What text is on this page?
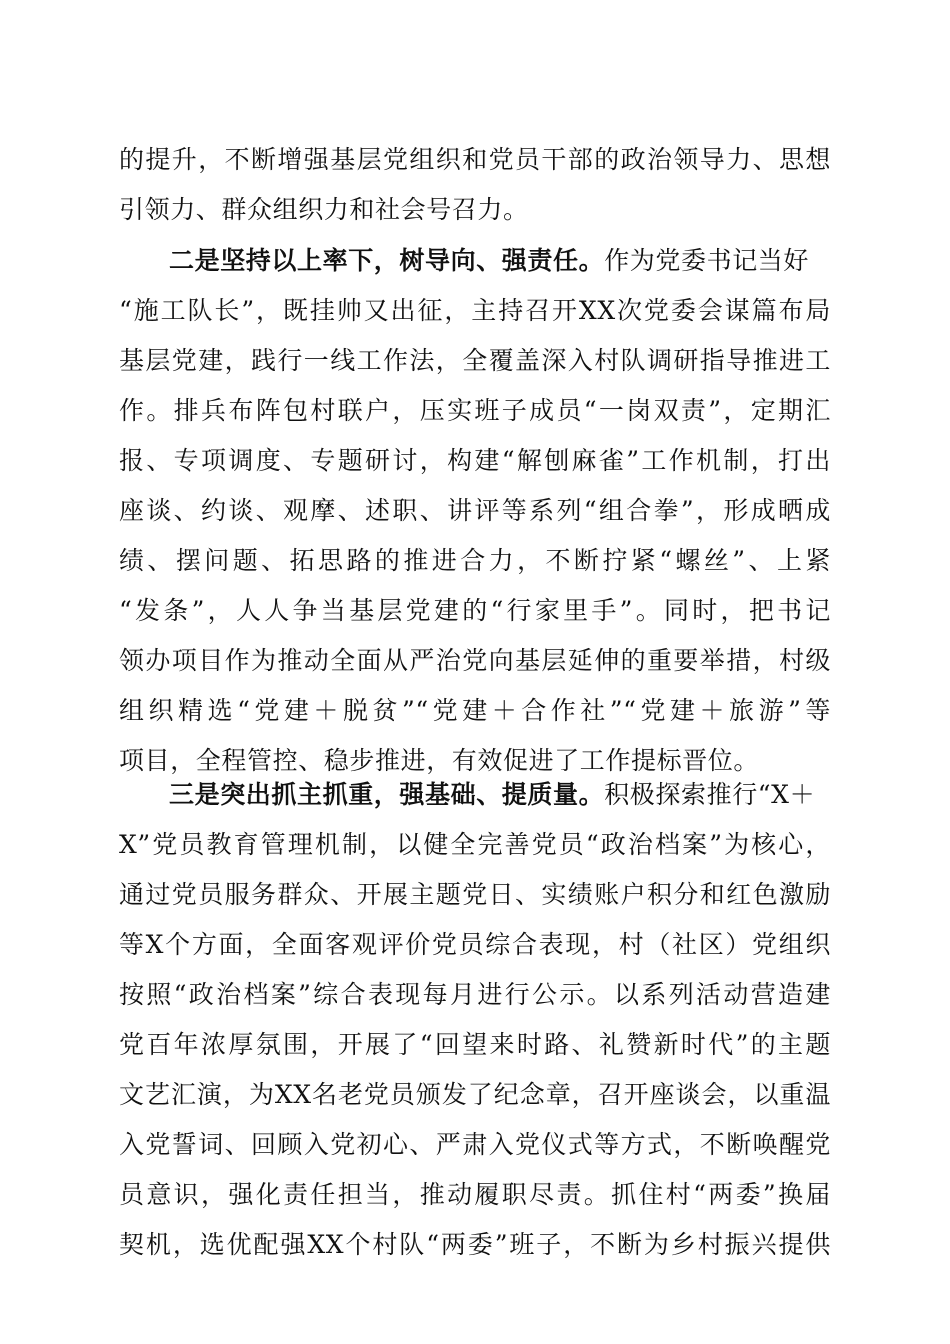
的提升，不断增强基层党组织和党员干部的政治领导力、思想
引领力、群众组织力和社会号召力。
二是坚持以上率下，树导向、强责任。作为党委书记当好
“施工队长”，既挂帅又出征，主持召开XX次党委会谋篇布局
基层党建，践行一线工作法，全覆盖深入村队调研指导推进工
作。排兵布阵包村联户，压实班子成员“一岗双责”，定期汇
报、专项调度、专题研讨，构建“解刨麻雀”工作机制，打出
座谈、约谈、观摩、述职、讲评等系列“组合拳”，形成晒成
绩、摆问题、拓思路的推进合力，不断拧紧“螺丝”、上紧
“发条”，人人争当基层党建的“行家里手”。同时，把书记
领办项目作为推动全面从严治党向基层延伸的重要举措，村级
组织精选“党建＋脱贫”“党建＋合作社”“党建＋旅游”等
项目，全程管控、稳步推进，有效促进了工作提标晋位。
三是突出抓主抓重，强基础、提质量。积极探索推行“X＋
X”党员教育管理机制，以健全完善党员“政治档案”为核心，
通过党员服务群众、开展主题党日、实绩账户积分和红色激励
等X个方面，全面客观评价党员综合表现，村（社区）党组织
按照“政治档案”综合表现每月进行公示。以系列活动营造建
党百年浓厚氛围，开展了“回望来时路、礼赞新时代”的主题
文艺汇演，为XX名老党员颁发了纪念章，召开座谈会，以重温
入党誓词、回顾入党初心、严肃入党仪式等方式，不断唤醒党
员意识，强化责任担当，推动履职尽责。抓住村“两委”换届
契机，选优配强XX个村队“两委”班子，不断为乡村振兴提供
